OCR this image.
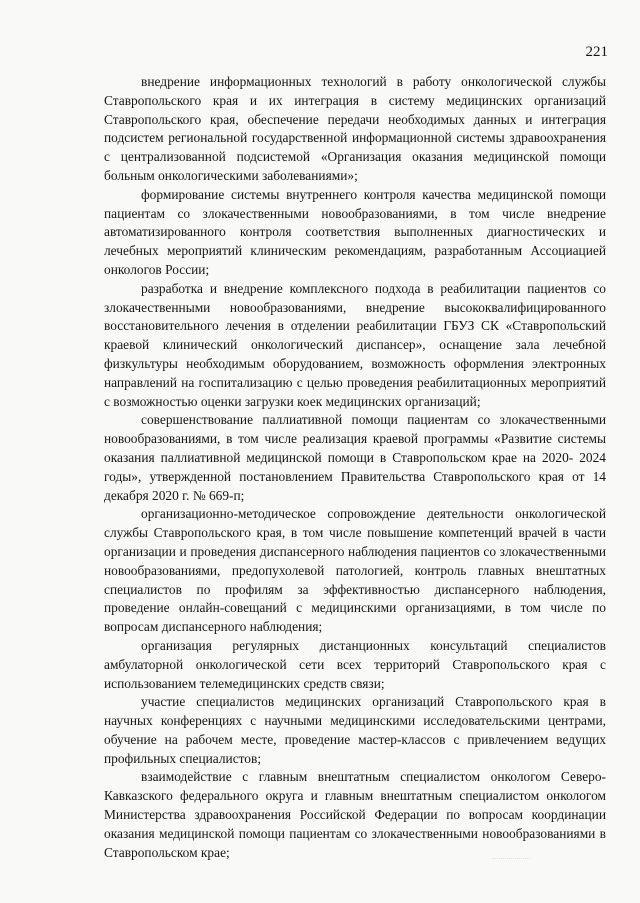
221

внедрение информационных технологий в работу онкологической службы Ставропольского края и их интеграция в систему медицинских организаций Ставропольского края, обеспечение передачи необходимых данных и интеграция подсистем региональной государственной информационной системы здравоохранения с централизованной подсистемой «Организация оказания медицинской помощи больным онкологическими заболеваниями»;

формирование системы внутреннего контроля качества медицинской помощи пациентам со злокачественными новообразованиями, в том числе внедрение автоматизированного контроля соответствия выполненных диагностических и лечебных мероприятий клиническим рекомендациям, разработанным Ассоциацией онкологов России;

разработка и внедрение комплексного подхода в реабилитации пациентов со злокачественными новообразованиями, внедрение высококвалифицированного восстановительного лечения в отделении реабилитации ГБУЗ СК «Ставропольский краевой клинический онкологический диспансер», оснащение зала лечебной физкультуры необходимым оборудованием, возможность оформления электронных направлений на госпитализацию с целью проведения реабилитационных мероприятий с возможностью оценки загрузки коек медицинских организаций;

совершенствование паллиативной помощи пациентам со злокачественными новообразованиями, в том числе реализация краевой программы «Развитие системы оказания паллиативной медицинской помощи в Ставропольском крае на 2020- 2024 годы», утвержденной постановлением Правительства Ставропольского края от 14 декабря 2020 г. № 669-п;

организационно-методическое сопровождение деятельности онкологической службы Ставропольского края, в том числе повышение компетенций врачей в части организации и проведения диспансерного наблюдения пациентов со злокачественными новообразованиями, предопухолевой патологией, контроль главных внештатных специалистов по профилям за эффективностью диспансерного наблюдения, проведение онлайн-совещаний с медицинскими организациями, в том числе по вопросам диспансерного наблюдения;

организация регулярных дистанционных консультаций специалистов амбулаторной онкологической сети всех территорий Ставропольского края с использованием телемедицинских средств связи;

участие специалистов медицинских организаций Ставропольского края в научных конференциях с научными медицинскими исследовательскими центрами, обучение на рабочем месте, проведение мастер-классов с привлечением ведущих профильных специалистов;

взаимодействие с главным внештатным специалистом онкологом Северо-Кавказского федерального округа и главным внештатным специалистом онкологом Министерства здравоохранения Российской Федерации по вопросам координации оказания медицинской помощи пациентам со злокачественными новообразованиями в Ставропольском крае;
